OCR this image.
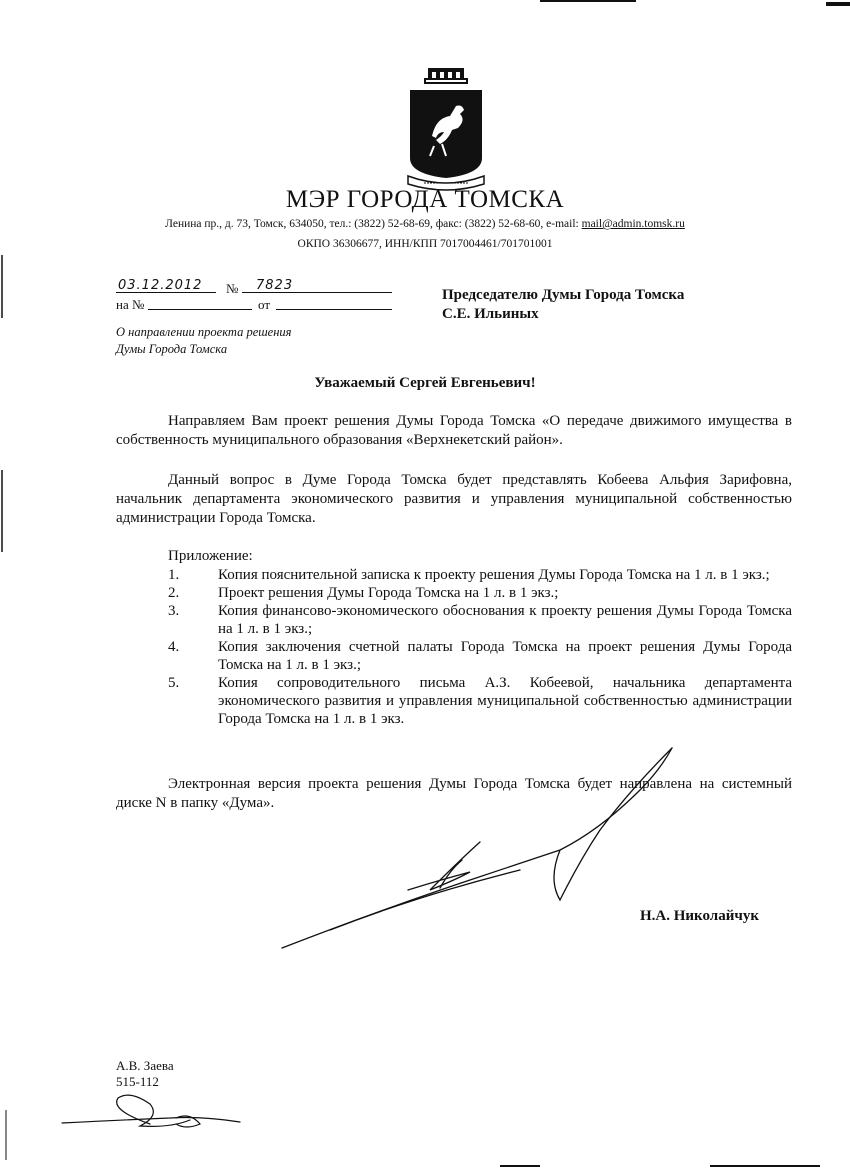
МЭР ГОРОДА ТОМСКА
Ленина пр., д. 73, Томск, 634050, тел.: (3822) 52-68-69, факс: (3822) 52-68-60, e-mail: mail@admin.tomsk.ru
ОКПО 36306677, ИНН/КПП 7017004461/701701001
03.12.2012 № 7823
на №	от
О направлении проекта решения
Думы Города Томска
Председателю Думы Города Томска
С.Е. Ильиных
Уважаемый Сергей Евгеньевич!
Направляем Вам проект решения Думы Города Томска «О передаче движимого имущества в собственность муниципального образования «Верхнекетский район».
Данный вопрос в Думе Города Томска будет представлять Кобеева Альфия Зарифовна, начальник департамента экономического развития и управления муниципальной собственностью администрации Города Томска.
Приложение:
1.	Копия пояснительной записка к проекту решения Думы Города Томска на 1 л. в 1 экз.;
2.	Проект решения Думы Города Томска на 1 л. в 1 экз.;
3.	Копия финансово-экономического обоснования к проекту решения Думы Города Томска на 1 л. в 1 экз.;
4.	Копия заключения счетной палаты Города Томска на проект решения Думы Города Томска на 1 л. в 1 экз.;
5.	Копия сопроводительного письма А.З. Кобеевой, начальника департамента экономического развития и управления муниципальной собственностью администрации Города Томска на 1 л. в 1 экз.
Электронная версия проекта решения Думы Города Томска будет направлена на системный диске N в папку «Дума».
Н.А. Николайчук
А.В. Заева
515-112
